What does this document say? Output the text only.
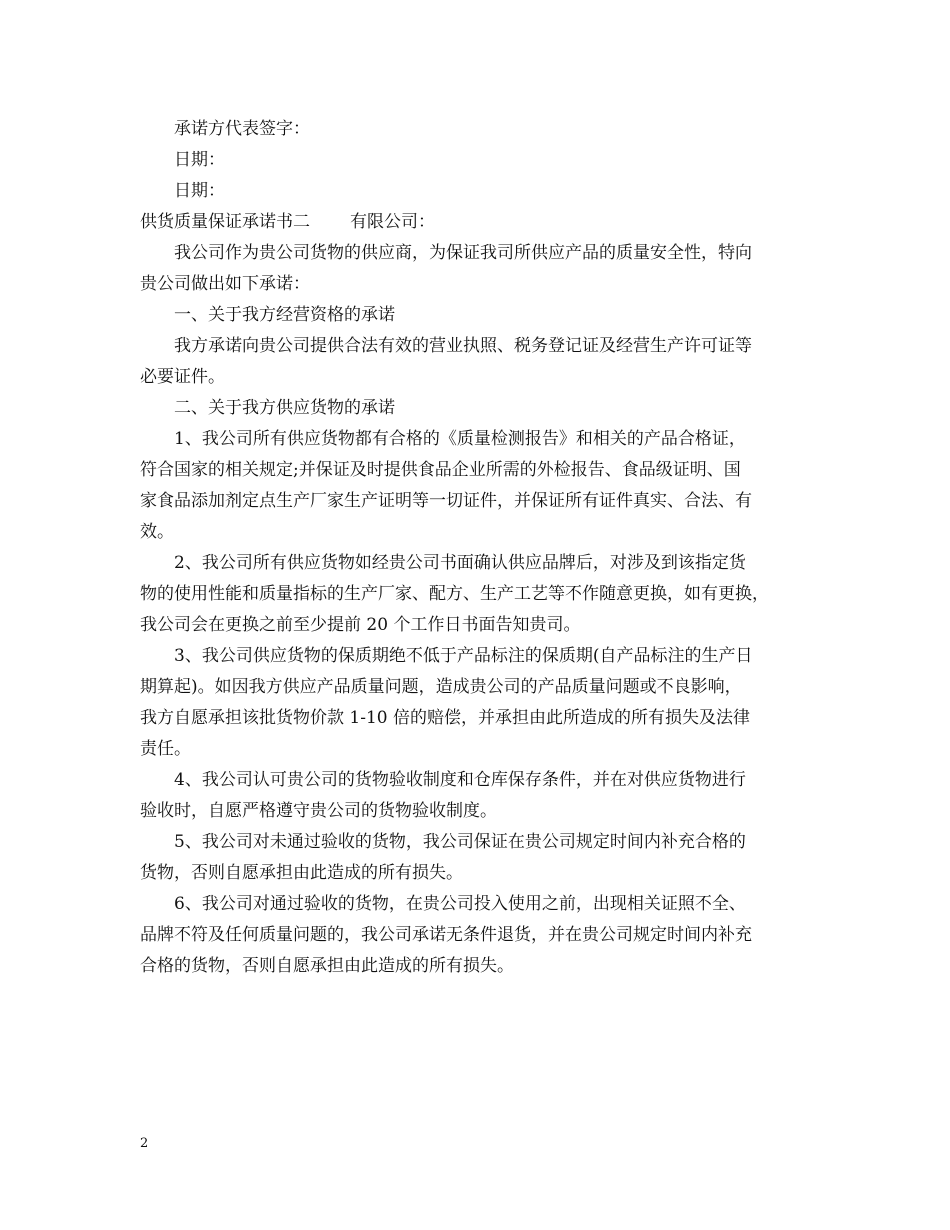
承诺方代表签字：

日期：

日期：

供货质量保证承诺书二 有限公司：

我公司作为贵公司货物的供应商，为保证我司所供应产品的质量安全性，特向

贵公司做出如下承诺：

一、关于我方经营资格的承诺

我方承诺向贵公司提供合法有效的营业执照、税务登记证及经营生产许可证等

必要证件。

二、关于我方供应货物的承诺

1、我公司所有供应货物都有合格的《质量检测报告》和相关的产品合格证，

符合国家的相关规定;并保证及时提供食品企业所需的外检报告、食品级证明、国
家食品添加剂定点生产厂家生产证明等一切证件，并保证所有证件真实、合法、有
效。

2、我公司所有供应货物如经贵公司书面确认供应品牌后，对涉及到该指定货

物的使用性能和质量指标的生产厂家、配方、生产工艺等不作随意更换，如有更换，
我公司会在更换之前至少提前 20 个工作日书面告知贵司。

3、我公司供应货物的保质期绝不低于产品标注的保质期(自产品标注的生产日

期算起)。如因我方供应产品质量问题，造成贵公司的产品质量问题或不良影响，
我方自愿承担该批货物价款 1-10 倍的赔偿，并承担由此所造成的所有损失及法律
责任。

4、我公司认可贵公司的货物验收制度和仓库保存条件，并在对供应货物进行

验收时，自愿严格遵守贵公司的货物验收制度。

5、我公司对未通过验收的货物，我公司保证在贵公司规定时间内补充合格的

货物，否则自愿承担由此造成的所有损失。

6、我公司对通过验收的货物，在贵公司投入使用之前，出现相关证照不全、

品牌不符及任何质量问题的，我公司承诺无条件退货，并在贵公司规定时间内补充
合格的货物，否则自愿承担由此造成的所有损失。

2
